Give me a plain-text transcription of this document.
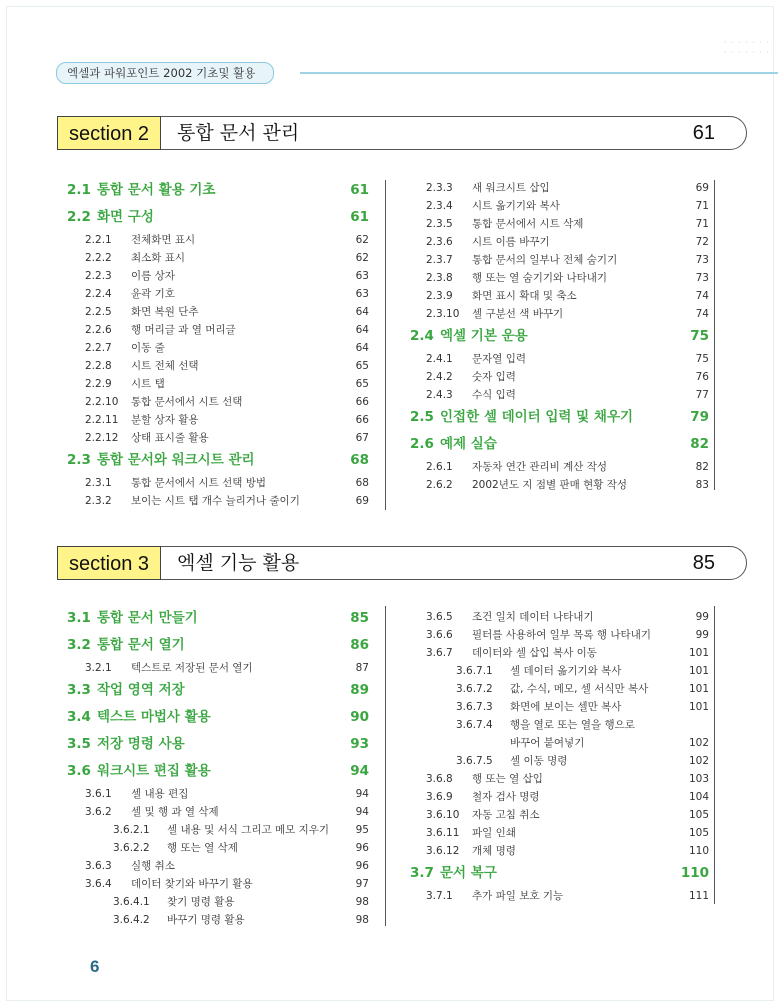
· · · · · · ·
· · · · · · ·
엑셀과 파워포인트 2002 기초및 활용
section 2	통합 문서 관리	61
2.1 통합 문서 활용 기초	61
2.2 화면 구성	61
2.2.1 전체화면 표시	62
2.2.2 최소화 표시	62
2.2.3 이름 상자	63
2.2.4 윤곽 기호	63
2.2.5 화면 복원 단추	64
2.2.6 행 머리글 과 열 머리글	64
2.2.7 이동 줄	64
2.2.8 시트 전체 선택	65
2.2.9 시트 탭	65
2.2.10 통합 문서에서 시트 선택	66
2.2.11 분할 상자 활용	66
2.2.12 상태 표시줄 활용	67
2.3 통합 문서와 워크시트 관리	68
2.3.1 통합 문서에서 시트 선택 방법	68
2.3.2 보이는 시트 탭 개수 늘리거나 줄이기	69
2.3.3 새 워크시트 삽입	69
2.3.4 시트 옮기기와 복사	71
2.3.5 통합 문서에서 시트 삭제	71
2.3.6 시트 이름 바꾸기	72
2.3.7 통합 문서의 일부나 전체 숨기기	73
2.3.8 행 또는 열 숨기기와 나타내기	73
2.3.9 화면 표시 확대 및 축소	74
2.3.10 셀 구분선 색 바꾸기	74
2.4 엑셀 기본 운용	75
2.4.1 문자열 입력	75
2.4.2 숫자 입력	76
2.4.3 수식 입력	77
2.5 인접한 셀 데이터 입력 및 채우기	79
2.6 예제 실습	82
2.6.1 자동차 연간 관리비 계산 작성	82
2.6.2 2002년도 지 점별 판매 현황 작성	83
section 3	엑셀 기능 활용	85
3.1 통합 문서 만들기	85
3.2 통합 문서 열기	86
3.2.1 텍스트로 저장된 문서 열기	87
3.3 작업 영역 저장	89
3.4 텍스트 마법사 활용	90
3.5 저장 명령 사용	93
3.6 워크시트 편집 활용	94
3.6.1 셀 내용 편집	94
3.6.2 셀 및 행 과 열 삭제	94
3.6.2.1 셀 내용 및 서식 그리고 메모 지우기	95
3.6.2.2 행 또는 열 삭제	96
3.6.3 실행 취소	96
3.6.4 데이터 찾기와 바꾸기 활용	97
3.6.4.1 찾기 명령 활용	98
3.6.4.2 바꾸기 명령 활용	98
3.6.5 조건 일치 데이터 나타내기	99
3.6.6 필터를 사용하여 일부 목록 행 나타내기	99
3.6.7 데이터와 셀 삽입 복사 이동	101
3.6.7.1 셀 데이터 옮기기와 복사	101
3.6.7.2 값, 수식, 메모, 셀 서식만 복사	101
3.6.7.3 화면에 보이는 셀만 복사	101
3.6.7.4 행을 열로 또는 열을 행으로
바꾸어 붙여넣기	102
3.6.7.5 셀 이동 명령	102
3.6.8 행 또는 열 삽입	103
3.6.9 철자 검사 명령	104
3.6.10 자동 고침 취소	105
3.6.11 파일 인쇄	105
3.6.12 개체 명령	110
3.7 문서 복구	110
3.7.1 추가 파일 보호 기능	111
6
